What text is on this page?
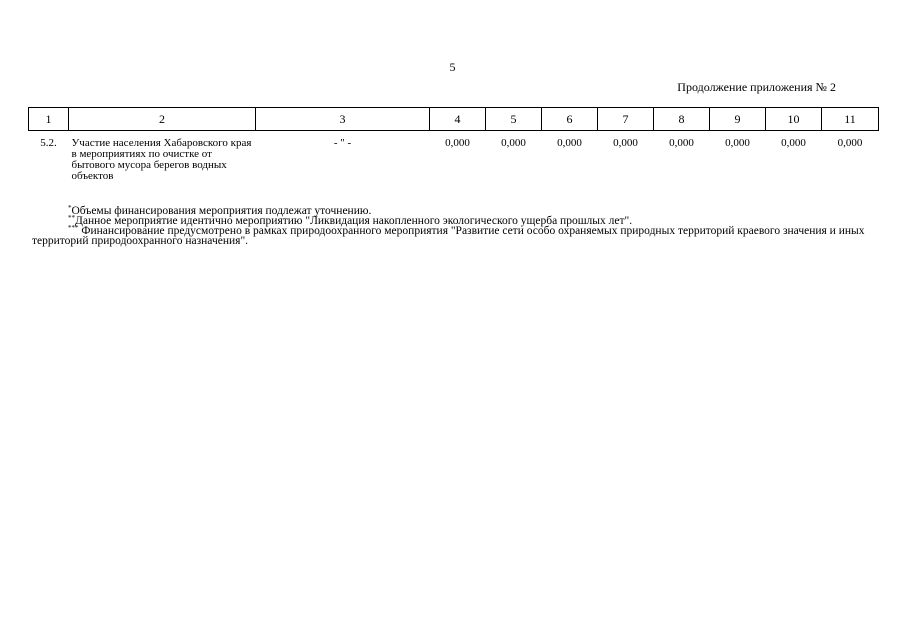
5
Продолжение приложения № 2
1	2	3	4	5	6	7	8	9	10	11
5.2.	Участие населения Хабаровского края в мероприятиях по очистке от бытового мусора берегов водных объектов	- " -	0,000	0,000	0,000	0,000	0,000	0,000	0,000	0,000
*Объемы финансирования мероприятия подлежат уточнению.
**Данное мероприятие идентично мероприятию "Ликвидация накопленного экологического ущерба прошлых лет".
*** Финансирование предусмотрено в рамках природоохранного мероприятия "Развитие сети особо охраняемых природных территорий краевого значения и иных территорий природоохранного назначения".
